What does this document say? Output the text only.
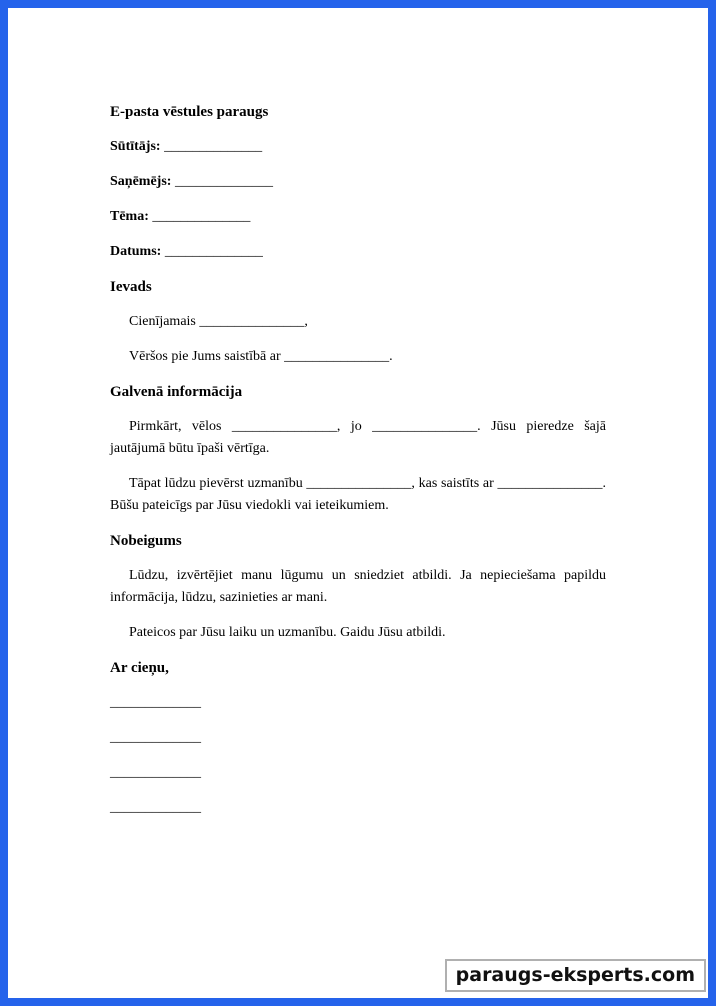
E-pasta vēstules paraugs

Sūtītājs: ______________

Saņēmējs: ______________

Tēma: ______________

Datums: ______________

Ievads

Cienījamais _______________,

Vēršos pie Jums saistībā ar _______________.

Galvenā informācija

Pirmkārt, vēlos _______________, jo _______________. Jūsu pieredze šajā jautājumā būtu īpaši vērtīga.

Tāpat lūdzu pievērst uzmanību _______________, kas saistīts ar _______________. Būšu pateicīgs par Jūsu viedokli vai ieteikumiem.

Nobeigums

Lūdzu, izvērtējiet manu lūgumu un sniedziet atbildi. Ja nepieciešama papildu informācija, lūdzu, sazinieties ar mani.

Pateicos par Jūsu laiku un uzmanību. Gaidu Jūsu atbildi.

Ar cieņu,

_____________

_____________

_____________

_____________

paraugs-eksperts.com
